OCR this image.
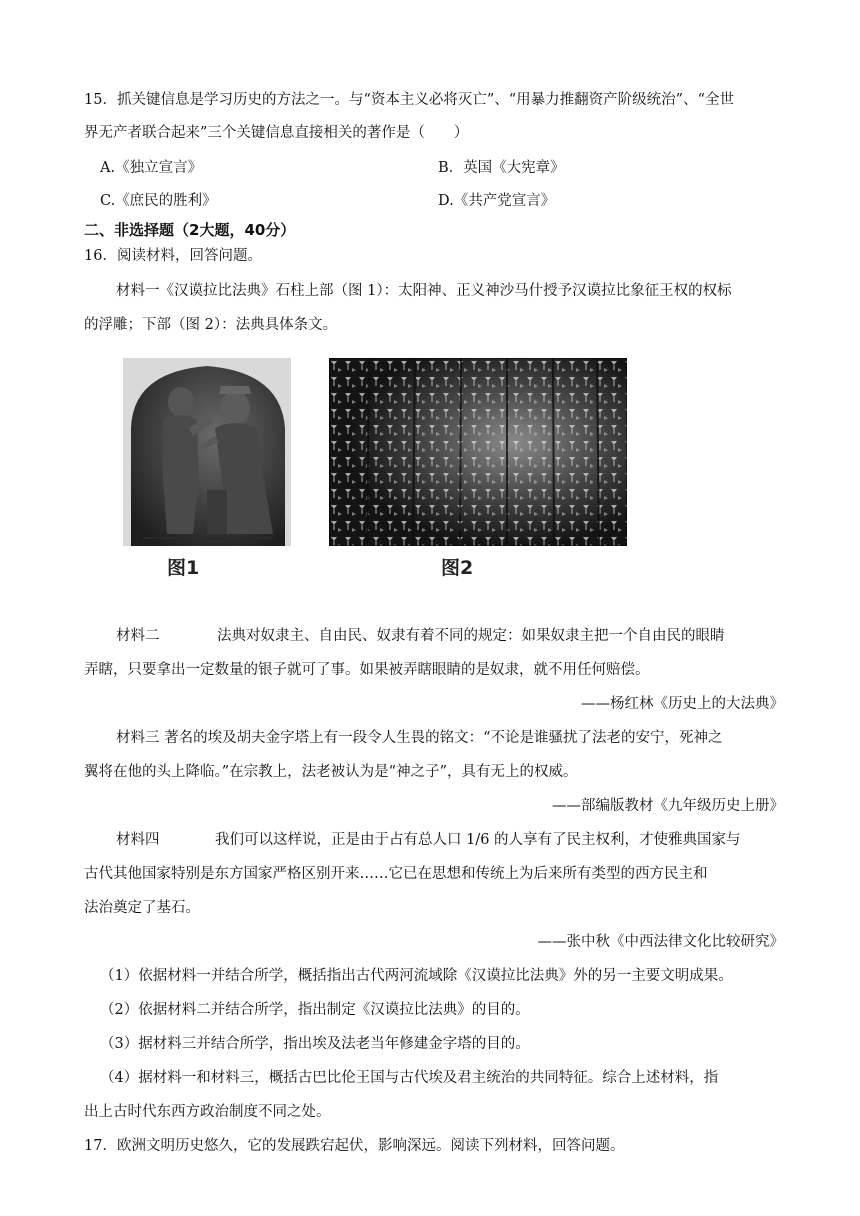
15．抓关键信息是学习历史的方法之一。与“资本主义必将灭亡”、“用暴力推翻资产阶级统治”、“全世
界无产者联合起来”三个关键信息直接相关的著作是（　　）
A.《独立宣言》	B．英国《大宪章》
C.《庶民的胜利》	D.《共产党宣言》
二、非选择题（2大题，40分）
16．阅读材料，回答问题。
材料一《汉谟拉比法典》石柱上部（图 1）：太阳神、正义神沙马什授予汉谟拉比象征王权的权标
的浮雕；下部（图 2）：法典具体条文。
图1	图2
材料二	法典对奴隶主、自由民、奴隶有着不同的规定：如果奴隶主把一个自由民的眼睛
弄瞎，只要拿出一定数量的银子就可了事。如果被弄瞎眼睛的是奴隶，就不用任何赔偿。
——杨红林《历史上的大法典》
材料三 著名的埃及胡夫金字塔上有一段令人生畏的铭文：“不论是谁骚扰了法老的安宁，死神之
翼将在他的头上降临。”在宗教上，法老被认为是“神之子”，具有无上的权威。
——部编版教材《九年级历史上册》
材料四	我们可以这样说，正是由于占有总人口 1/6 的人享有了民主权利，才使雅典国家与
古代其他国家特别是东方国家严格区别开来……它已在思想和传统上为后来所有类型的西方民主和
法治奠定了基石。
——张中秋《中西法律文化比较研究》
（1）依据材料一并结合所学，概括指出古代两河流域除《汉谟拉比法典》外的另一主要文明成果。
（2）依据材料二并结合所学，指出制定《汉谟拉比法典》的目的。
（3）据材料三并结合所学，指出埃及法老当年修建金字塔的目的。
（4）据材料一和材料三，概括古巴比伦王国与古代埃及君主统治的共同特征。综合上述材料，指
出上古时代东西方政治制度不同之处。
17．欧洲文明历史悠久，它的发展跌宕起伏，影响深远。阅读下列材料，回答问题。
